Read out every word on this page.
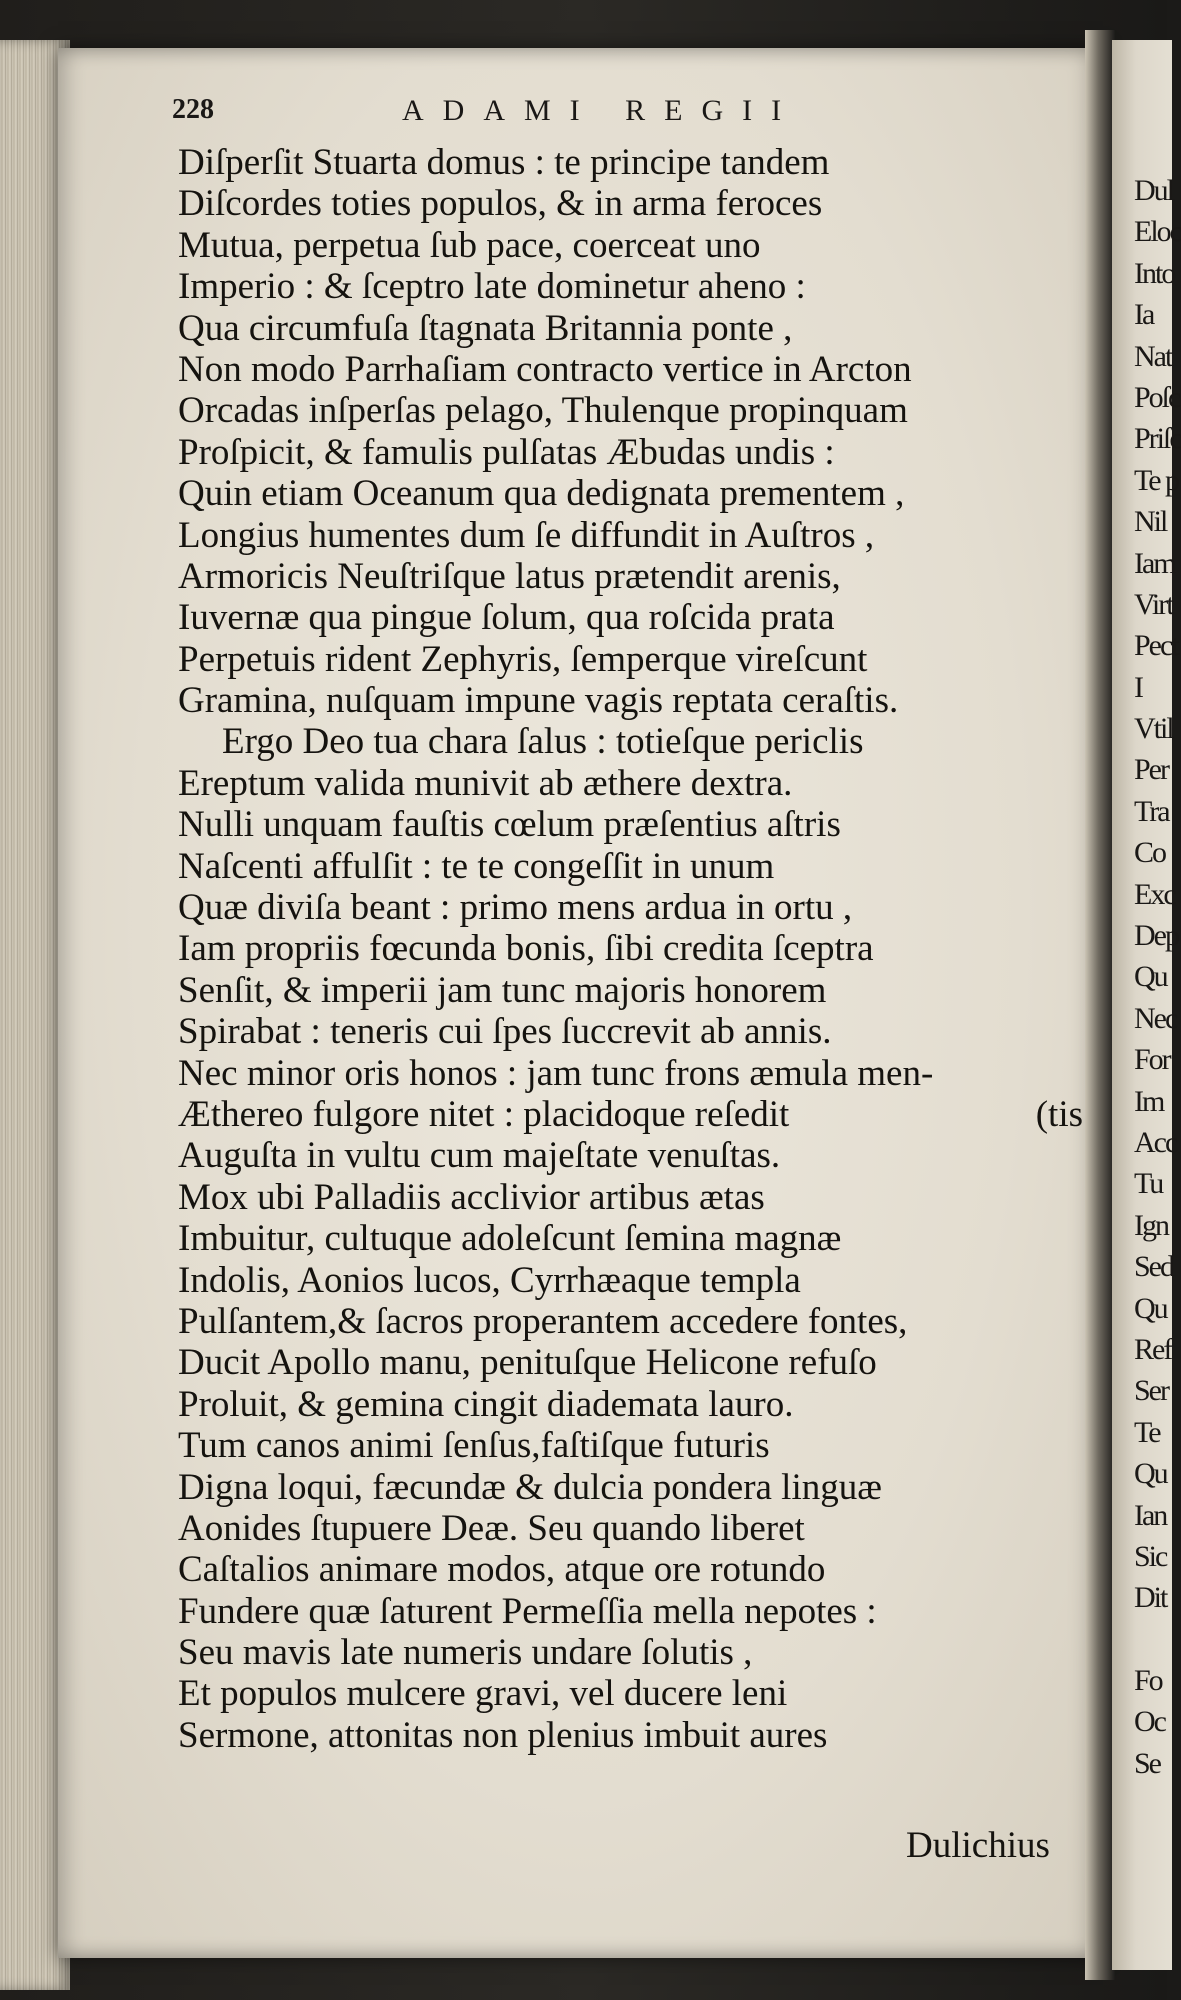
228	ADAMI REGII
Diſperſit Stuarta domus : te principe tandem
Diſcordes toties populos, & in arma feroces
Mutua, perpetua ſub pace, coerceat uno
Imperio : & ſceptro late dominetur aheno :
Qua circumfuſa ſtagnata Britannia ponte ,
Non modo Parrhaſiam contracto vertice in Arcton
Orcadas inſperſas pelago, Thulenque propinquam
Proſpicit, & famulis pulſatas Æbudas undis :
Quin etiam Oceanum qua dedignata prementem ,
Longius humentes dum ſe diffundit in Auſtros ,
Armoricis Neuſtriſque latus prætendit arenis,
Iuvernæ qua pingue ſolum, qua roſcida prata
Perpetuis rident Zephyris, ſemperque vireſcunt
Gramina, nuſquam impune vagis reptata ceraſtis.
Ergo Deo tua chara ſalus : totieſque periclis
Ereptum valida munivit ab æthere dextra.
Nulli unquam fauſtis cœlum præſentius aſtris
Naſcenti affulſit : te te congeſſit in unum
Quæ diviſa beant : primo mens ardua in ortu ,
Iam propriis fœcunda bonis, ſibi credita ſceptra
Senſit, & imperii jam tunc majoris honorem
Spirabat : teneris cui ſpes ſuccrevit ab annis.
Nec minor oris honos : jam tunc frons æmula men-
Æthereo fulgore nitet : placidoque reſedit	(tis
Auguſta in vultu cum majeſtate venuſtas.
Mox ubi Palladiis acclivior artibus ætas
Imbuitur, cultuque adoleſcunt ſemina magnæ
Indolis, Aonios lucos, Cyrrhæaque templa
Pulſantem,& ſacros properantem accedere fontes,
Ducit Apollo manu, penituſque Helicone refuſo
Proluit, & gemina cingit diademata lauro.
Tum canos animi ſenſus,faſtiſque futuris
Digna loqui, fæcundæ & dulcia pondera linguæ
Aonides ſtupuere Deæ. Seu quando liberet
Caſtalios animare modos, atque ore rotundo
Fundere quæ ſaturent Permeſſia mella nepotes :
Seu mavis late numeris undare ſolutis ,
Et populos mulcere gravi, vel ducere leni
Sermone, attonitas non plenius imbuit aures
Dulichius
Dul
Eloc
Into
Ia
Nat
Poſc
Priſc
Te p
Nil
Iam
Virt
Pect
I
Vtil
Per
Tra
Co
Exc
Dep
Qu
Nec
For
Im
Acc
Tu
Ign
Sed
Qu
Ref
Ser
Te
Qu
Ian
Sic
Dit
Fo
Oc
Se
